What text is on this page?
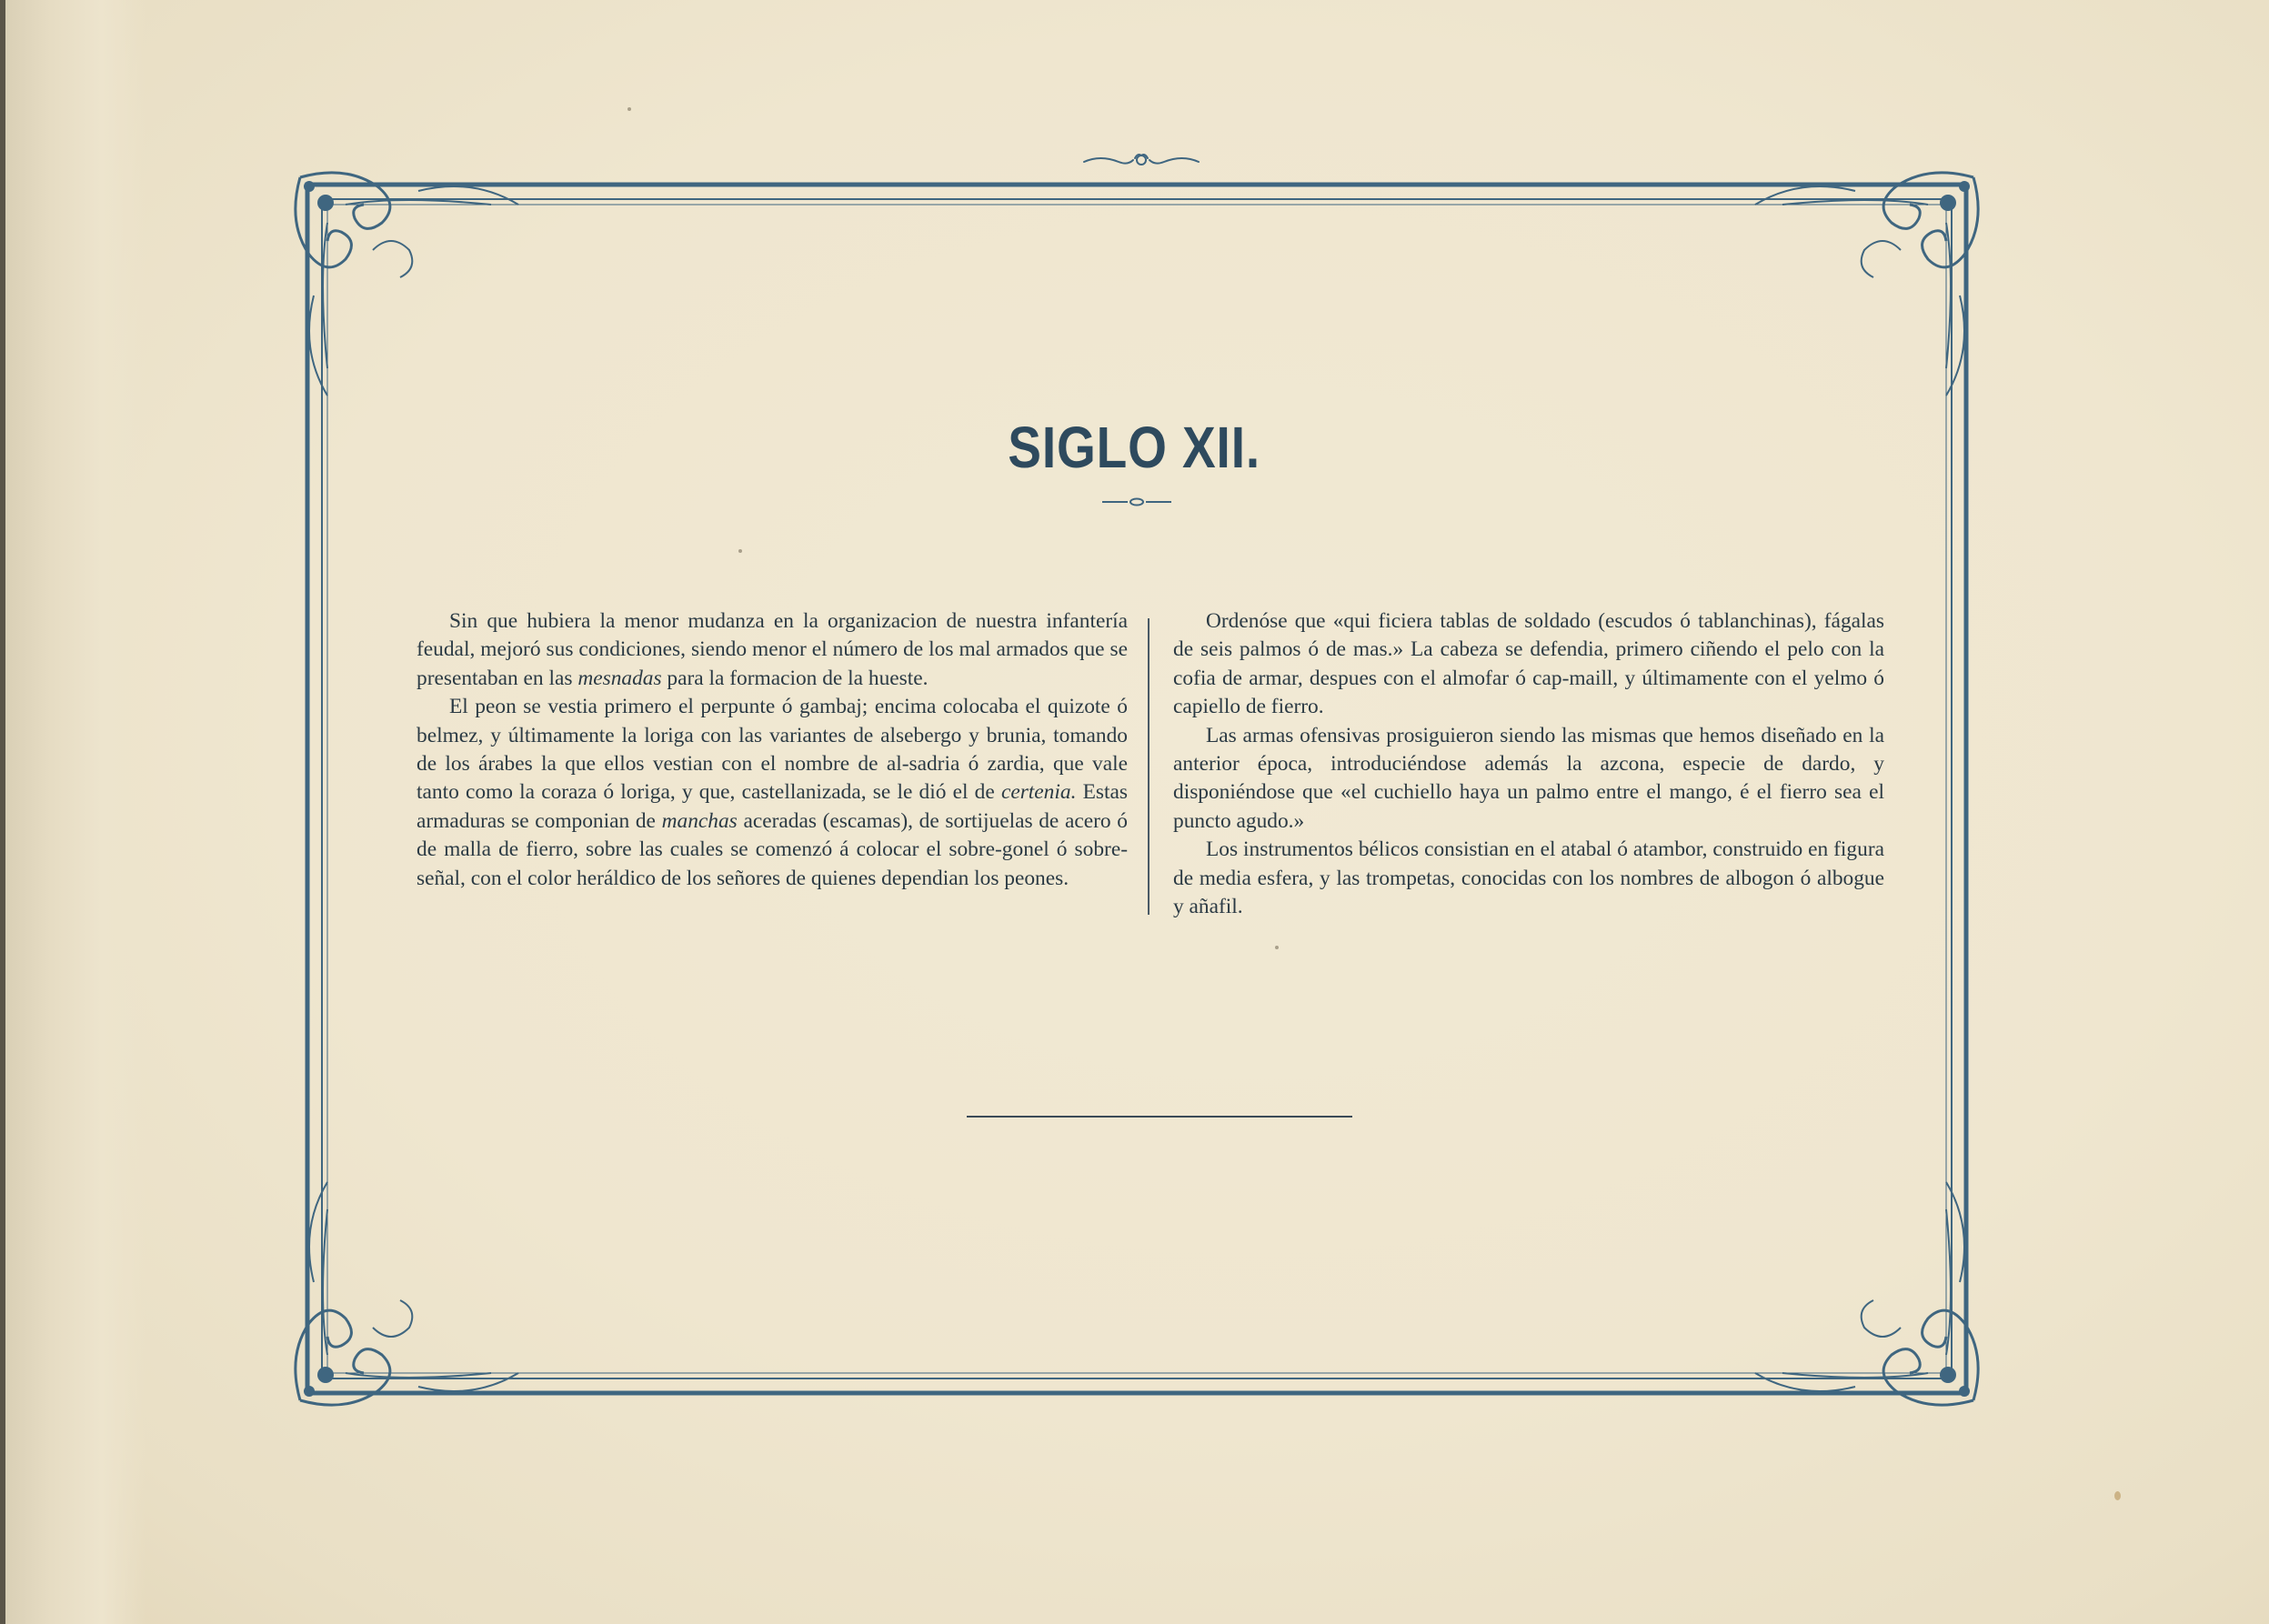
SIGLO XII.

Sin que hubiera la menor mudanza en la organizacion de nuestra infantería feudal, mejoró sus condiciones, siendo menor el número de los mal armados que se presentaban en las mesnadas para la formacion de la hueste.

El peon se vestia primero el perpunte ó gambaj; encima colocaba el quizote ó belmez, y últimamente la loriga con las variantes de alsebergo y brunia, tomando de los árabes la que ellos vestian con el nombre de al-sadria ó zardia, que vale tanto como la coraza ó loriga, y que, castellanizada, se le dió el de certenia. Estas armaduras se componian de manchas aceradas (escamas), de sortijuelas de acero ó de malla de fierro, sobre las cuales se comenzó á colocar el sobre-gonel ó sobre-señal, con el color heráldico de los señores de quienes dependian los peones.

Ordenóse que «qui ficiera tablas de soldado (escudos ó tablanchinas), fágalas de seis palmos ó de mas.» La cabeza se defendia, primero ciñendo el pelo con la cofia de armar, despues con el almofar ó cap-maill, y últimamente con el yelmo ó capiello de fierro.

Las armas ofensivas prosiguieron siendo las mismas que hemos diseñado en la anterior época, introduciéndose además la azcona, especie de dardo, y disponiéndose que «el cuchiello haya un palmo entre el mango, é el fierro sea el puncto agudo.»

Los instrumentos bélicos consistian en el atabal ó atambor, construido en figura de media esfera, y las trompetas, conocidas con los nombres de albogon ó albogue y añafil.
